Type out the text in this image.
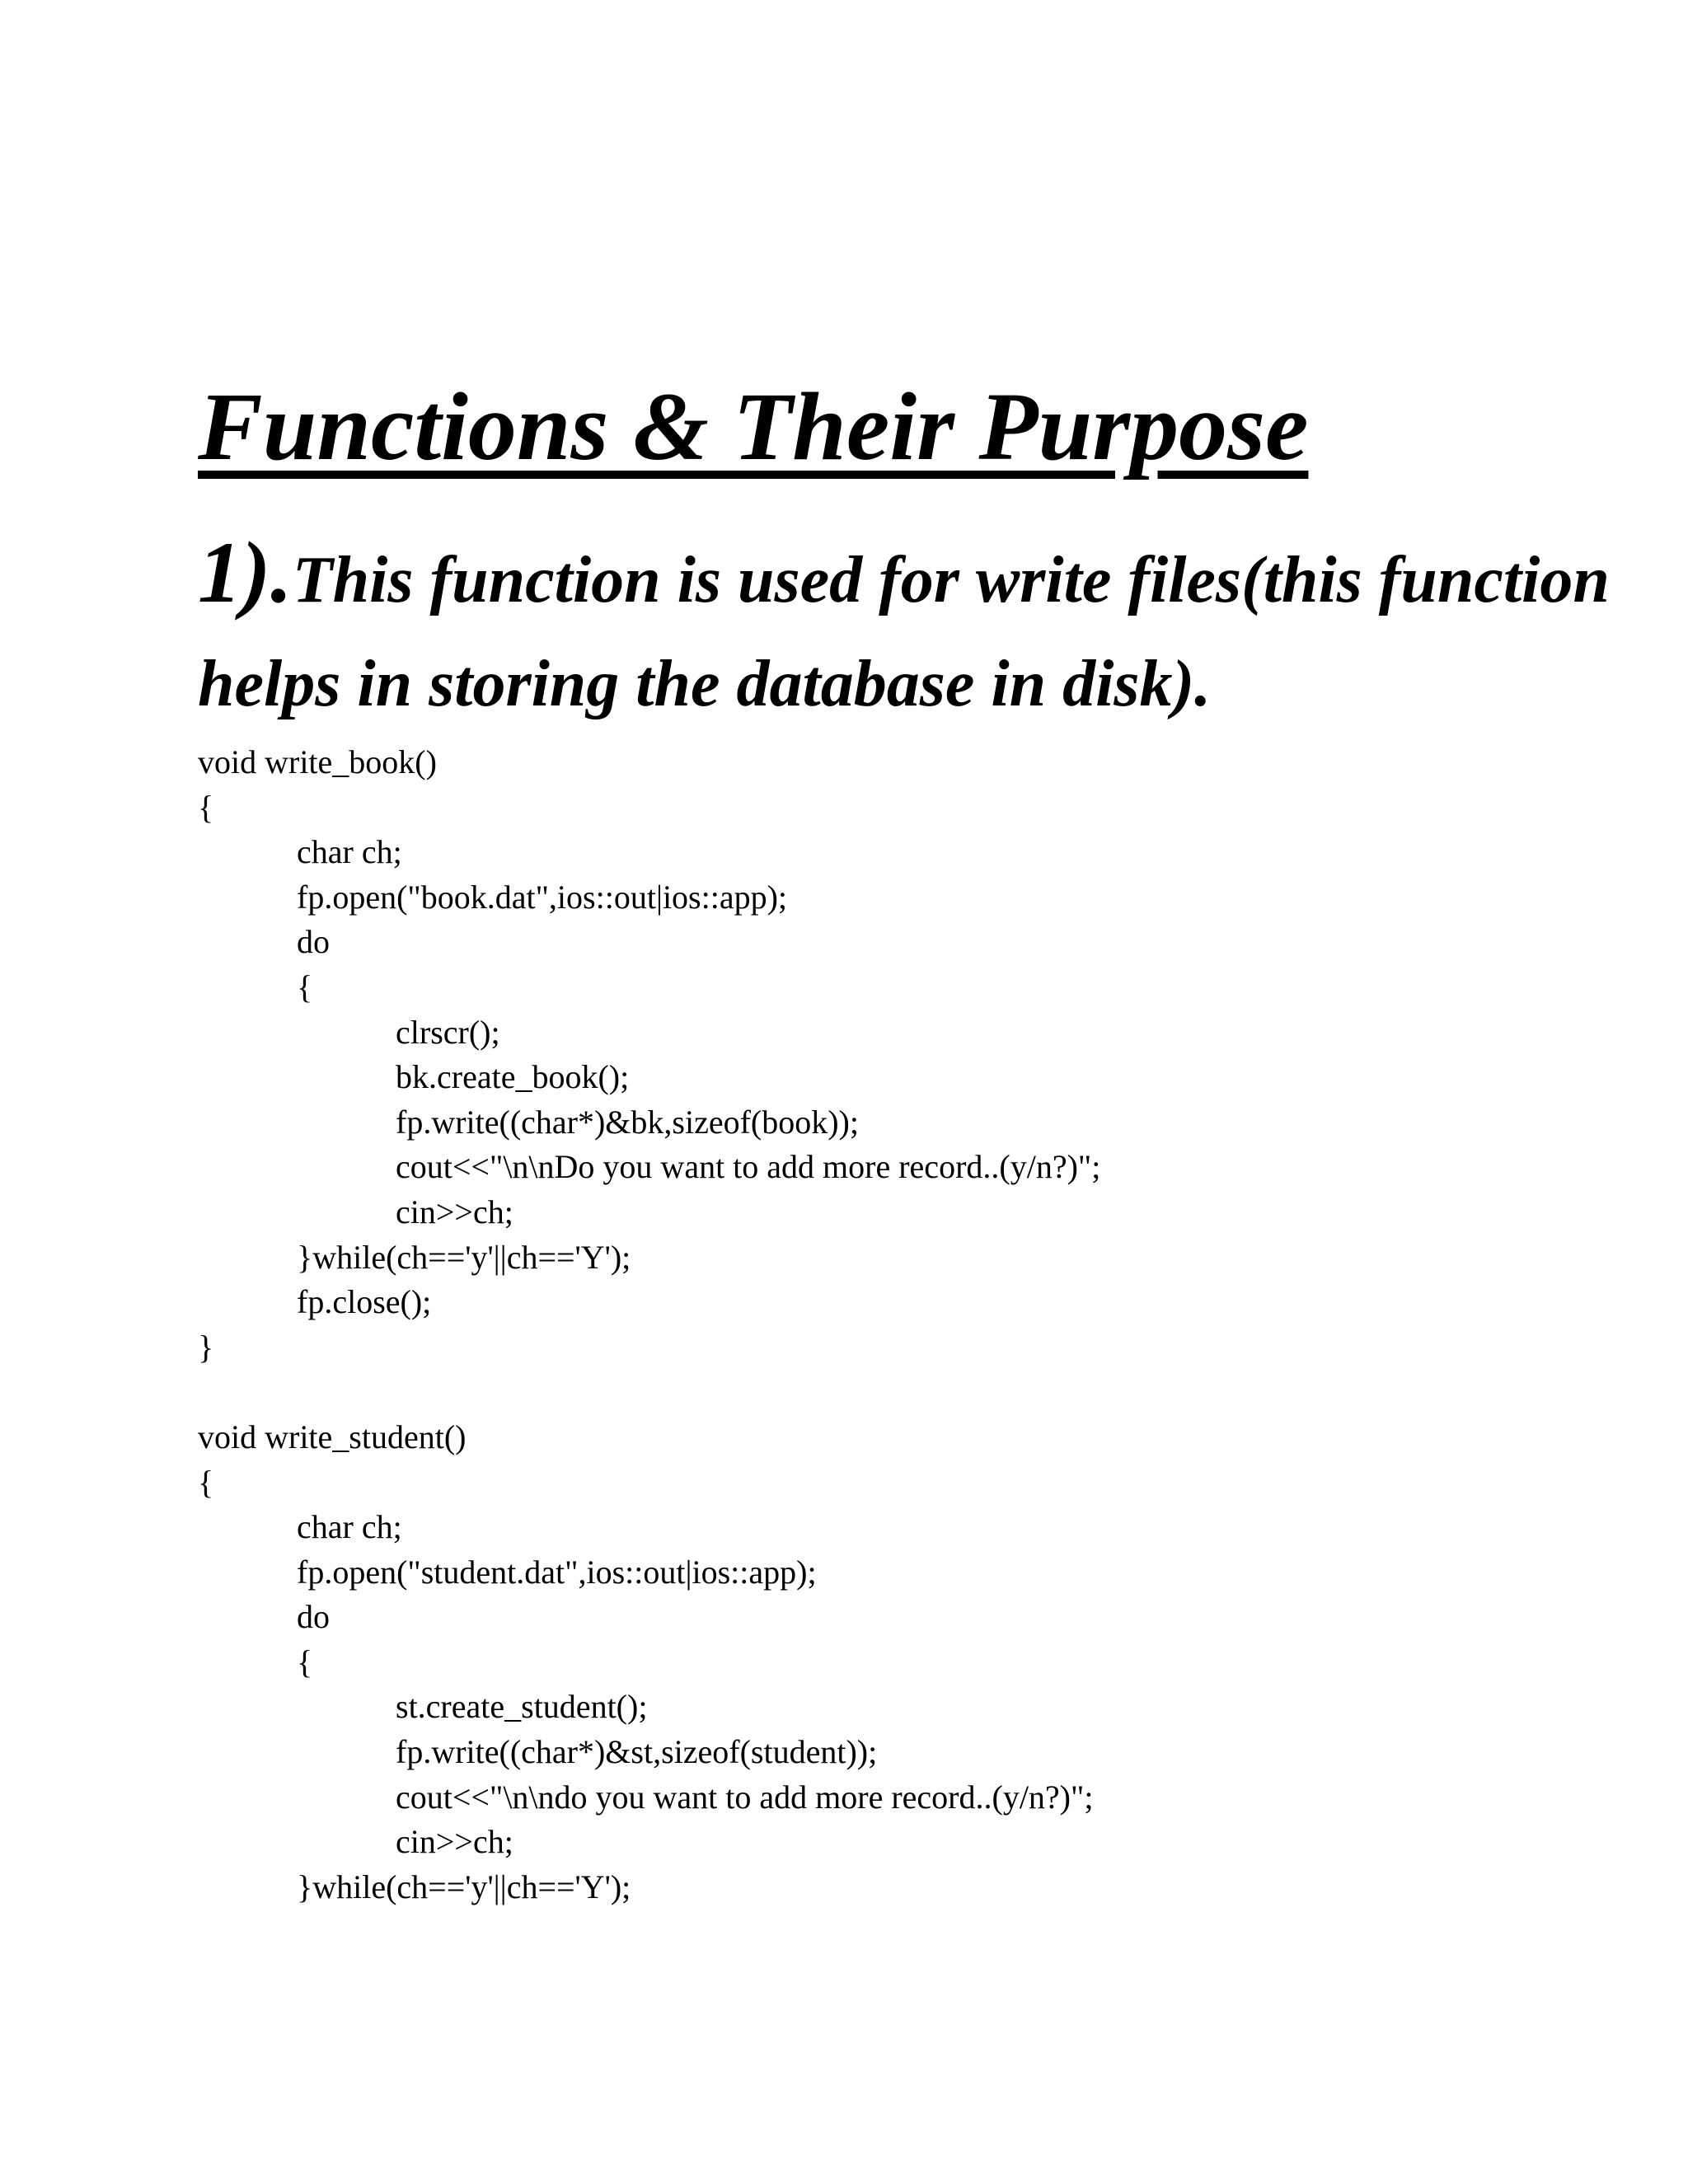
Functions & Their Purpose

1).This function is used for write files(this function helps in storing the database in disk).

void write_book()
{
char ch;
fp.open("book.dat",ios::out|ios::app);
do
{
clrscr();
bk.create_book();
fp.write((char*)&bk,sizeof(book));
cout<<"\n\nDo you want to add more record..(y/n?)";
cin>>ch;
}while(ch=='y'||ch=='Y');
fp.close();
}
void write_student()
{
char ch;
fp.open("student.dat",ios::out|ios::app);
do
{
st.create_student();
fp.write((char*)&st,sizeof(student));
cout<<"\n\ndo you want to add more record..(y/n?)";
cin>>ch;
}while(ch=='y'||ch=='Y');
